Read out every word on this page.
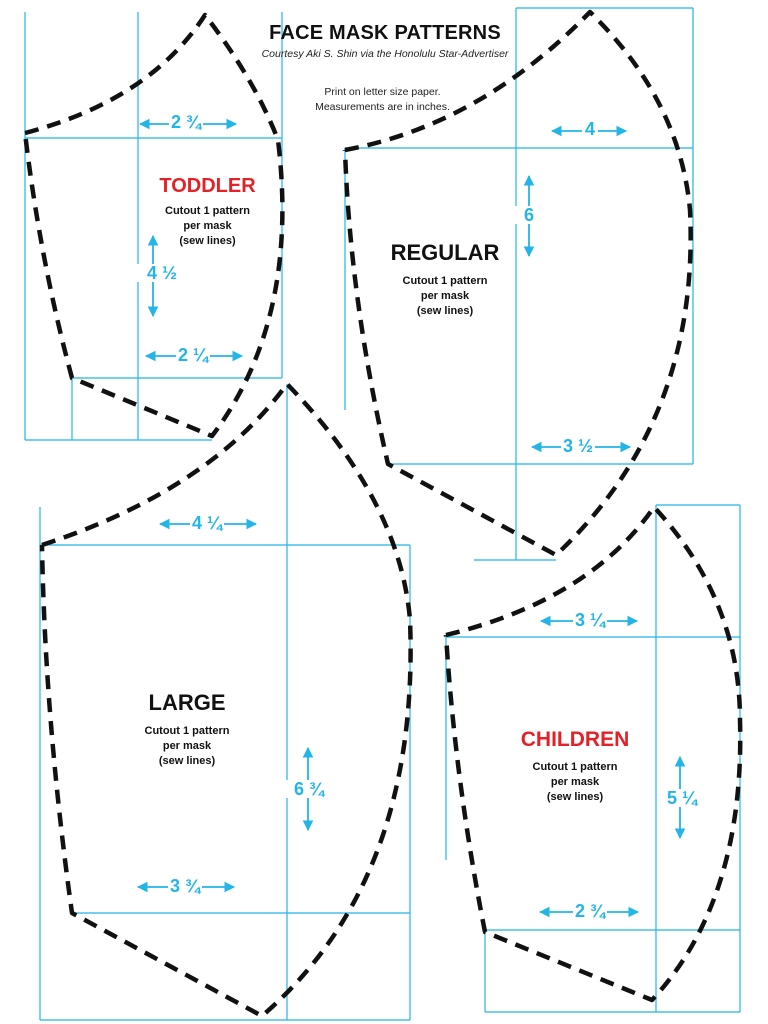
FACE MASK PATTERNS
Courtesy Aki S. Shin via the Honolulu Star-Advertiser
Print on letter size paper.
Measurements are in inches.
TODDLER
Cutout 1 pattern
per mask
(sew lines)
2 ¾
4 ½
2 ¼
REGULAR
Cutout 1 pattern
per mask
(sew lines)
4
6
3 ½
LARGE
Cutout 1 pattern
per mask
(sew lines)
4 ¼
6 ¾
3 ¾
CHILDREN
Cutout 1 pattern
per mask
(sew lines)
3 ¼
5 ¼
2 ¾
